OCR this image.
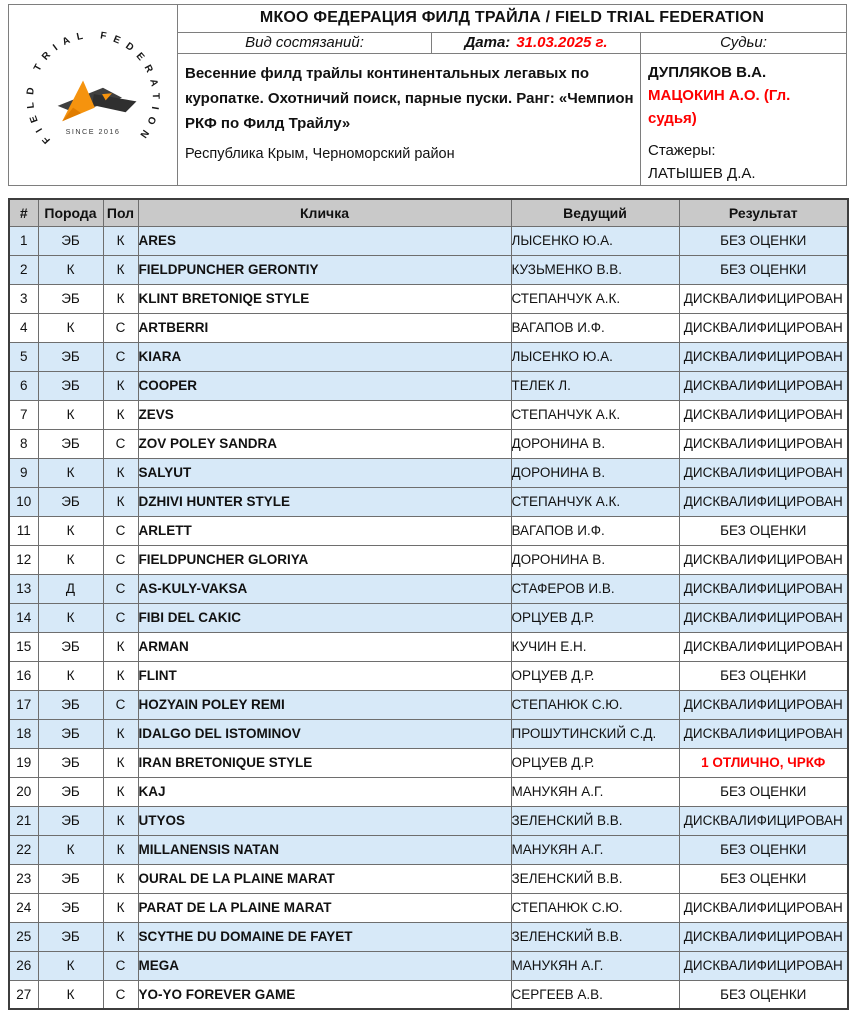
FIELD TRIAL FEDERATION
SINCE 2016
МКОО ФЕДЕРАЦИЯ ФИЛД ТРАЙЛА / FIELD TRIAL FEDERATION
Вид состязаний:	Дата: 31.03.2025 г.	Судьи:
Весенние филд трайлы континентальных легавых по куропатке. Охотничий поиск, парные пуски. Ранг: «Чемпион РКФ по Филд Трайлу»
Республика Крым, Черноморский район
ДУПЛЯКОВ В.А.
МАЦОКИН А.О. (Гл. судья)
Стажеры:
ЛАТЫШЕВ Д.А.
#	Порода	Пол	Кличка	Ведущий	Результат
1	ЭБ	К	ARES	ЛЫСЕНКО Ю.А.	БЕЗ ОЦЕНКИ
2	К	К	FIELDPUNCHER GERONTIY	КУЗЬМЕНКО В.В.	БЕЗ ОЦЕНКИ
3	ЭБ	К	KLINT BRETONIQE STYLE	СТЕПАНЧУК А.К.	ДИСКВАЛИФИЦИРОВАН
4	К	С	ARTBERRI	ВАГАПОВ И.Ф.	ДИСКВАЛИФИЦИРОВАН
5	ЭБ	С	KIARA	ЛЫСЕНКО Ю.А.	ДИСКВАЛИФИЦИРОВАН
6	ЭБ	К	COOPER	ТЕЛЕК Л.	ДИСКВАЛИФИЦИРОВАН
7	К	К	ZEVS	СТЕПАНЧУК А.К.	ДИСКВАЛИФИЦИРОВАН
8	ЭБ	С	ZOV POLEY SANDRA	ДОРОНИНА В.	ДИСКВАЛИФИЦИРОВАН
9	К	К	SALYUT	ДОРОНИНА В.	ДИСКВАЛИФИЦИРОВАН
10	ЭБ	К	DZHIVI HUNTER STYLE	СТЕПАНЧУК А.К.	ДИСКВАЛИФИЦИРОВАН
11	К	С	ARLETT	ВАГАПОВ И.Ф.	БЕЗ ОЦЕНКИ
12	К	С	FIELDPUNCHER GLORIYA	ДОРОНИНА В.	ДИСКВАЛИФИЦИРОВАН
13	Д	С	AS-KULY-VAKSA	СТАФЕРОВ И.В.	ДИСКВАЛИФИЦИРОВАН
14	К	С	FIBI DEL CAKIC	ОРЦУЕВ Д.Р.	ДИСКВАЛИФИЦИРОВАН
15	ЭБ	К	ARMAN	КУЧИН Е.Н.	ДИСКВАЛИФИЦИРОВАН
16	К	К	FLINT	ОРЦУЕВ Д.Р.	БЕЗ ОЦЕНКИ
17	ЭБ	С	HOZYAIN POLEY REMI	СТЕПАНЮК С.Ю.	ДИСКВАЛИФИЦИРОВАН
18	ЭБ	К	IDALGO DEL ISTOMINOV	ПРОШУТИНСКИЙ С.Д.	ДИСКВАЛИФИЦИРОВАН
19	ЭБ	К	IRAN BRETONIQUE STYLE	ОРЦУЕВ Д.Р.	1 ОТЛИЧНО, ЧРКФ
20	ЭБ	К	KAJ	МАНУКЯН А.Г.	БЕЗ ОЦЕНКИ
21	ЭБ	К	UTYOS	ЗЕЛЕНСКИЙ В.В.	ДИСКВАЛИФИЦИРОВАН
22	К	К	MILLANENSIS NATAN	МАНУКЯН А.Г.	БЕЗ ОЦЕНКИ
23	ЭБ	К	OURAL DE LA PLAINE MARAT	ЗЕЛЕНСКИЙ В.В.	БЕЗ ОЦЕНКИ
24	ЭБ	К	PARAT DE LA PLAINE MARAT	СТЕПАНЮК С.Ю.	ДИСКВАЛИФИЦИРОВАН
25	ЭБ	К	SCYTHE DU DOMAINE DE FAYET	ЗЕЛЕНСКИЙ В.В.	ДИСКВАЛИФИЦИРОВАН
26	К	С	MEGA	МАНУКЯН А.Г.	ДИСКВАЛИФИЦИРОВАН
27	К	С	YO-YO FOREVER GAME	СЕРГЕЕВ А.В.	БЕЗ ОЦЕНКИ
